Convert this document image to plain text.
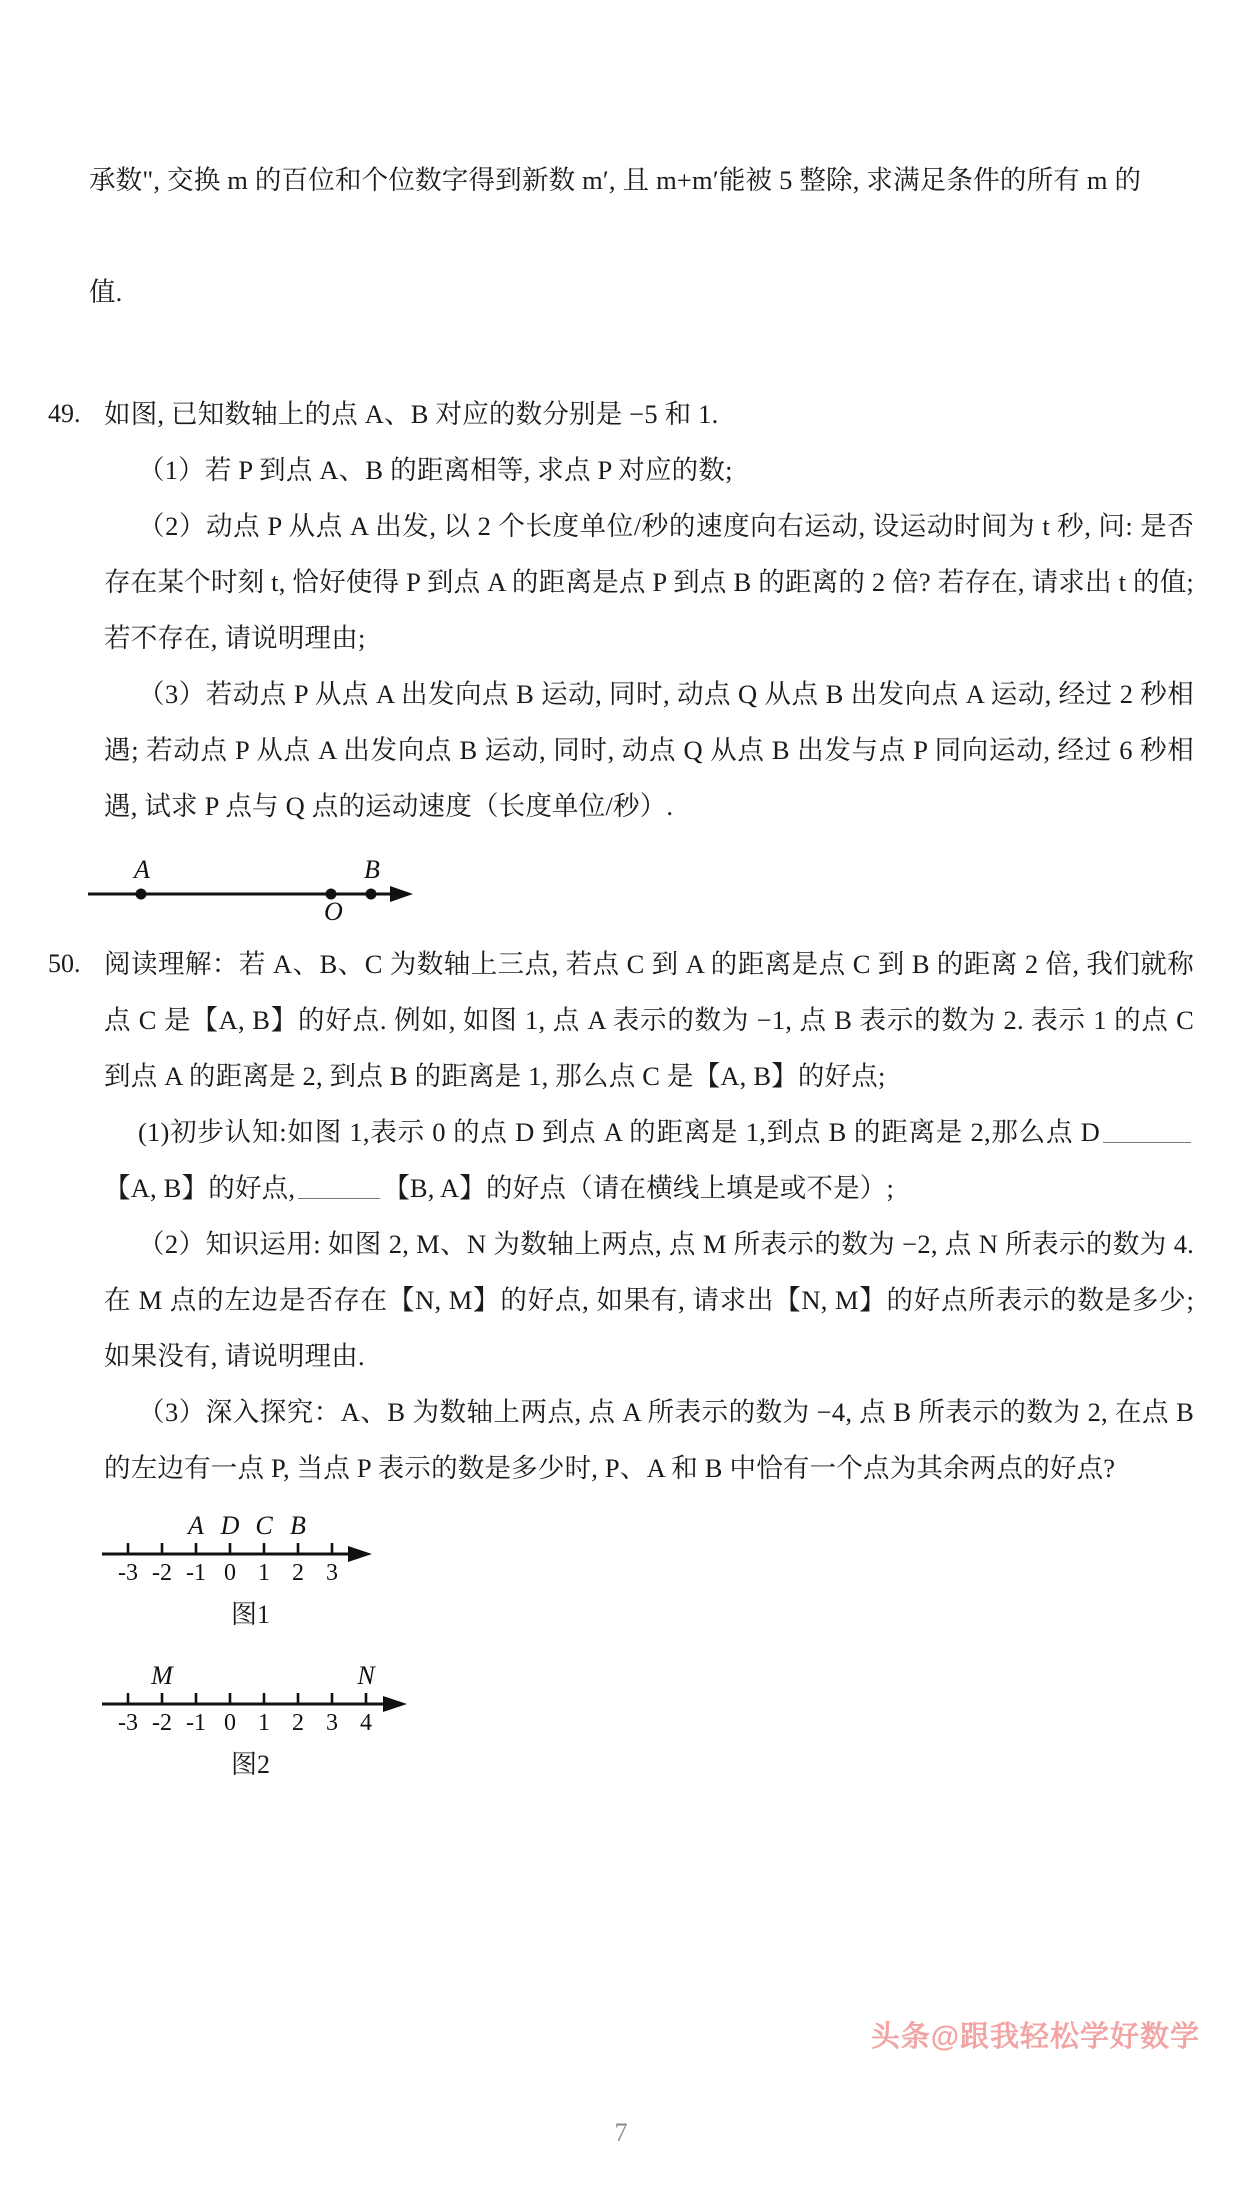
承数", 交换 m 的百位和个位数字得到新数 m′, 且 m+m′能被 5 整除, 求满足条件的所有 m 的

值.

49. 如图, 已知数轴上的点 A、B 对应的数分别是 −5 和 1.
（1）若 P 到点 A、B 的距离相等, 求点 P 对应的数;
（2）动点 P 从点 A 出发, 以 2 个长度单位/秒的速度向右运动, 设运动时间为 t 秒, 问: 是否存在某个时刻 t, 恰好使得 P 到点 A 的距离是点 P 到点 B 的距离的 2 倍? 若存在, 请求出 t 的值; 若不存在, 请说明理由;
（3）若动点 P 从点 A 出发向点 B 运动, 同时, 动点 Q 从点 B 出发向点 A 运动, 经过 2 秒相遇; 若动点 P 从点 A 出发向点 B 运动, 同时, 动点 Q 从点 B 出发与点 P 同向运动, 经过 6 秒相遇, 试求 P 点与 Q 点的运动速度（长度单位/秒）.
A
O
B
50. 阅读理解：若 A、B、C 为数轴上三点, 若点 C 到 A 的距离是点 C 到 B 的距离 2 倍, 我们就称点 C 是【A, B】的好点. 例如, 如图 1, 点 A 表示的数为 −1, 点 B 表示的数为 2. 表示 1 的点 C 到点 A 的距离是 2, 到点 B 的距离是 1, 那么点 C 是【A, B】的好点;
(1)初步认知:如图 1,表示 0 的点 D 到点 A 的距离是 1,到点 B 的距离是 2,那么点 D【A, B】的好点,	【B, A】的好点（请在横线上填是或不是）;
（2）知识运用: 如图 2, M、N 为数轴上两点, 点 M 所表示的数为 −2, 点 N 所表示的数为 4. 在 M 点的左边是否存在【N, M】的好点, 如果有, 请求出【N, M】的好点所表示的数是多少; 如果没有, 请说明理由.
（3）深入探究：A、B 为数轴上两点, 点 A 所表示的数为 −4, 点 B 所表示的数为 2, 在点 B 的左边有一点 P, 当点 P 表示的数是多少时, P、A 和 B 中恰有一个点为其余两点的好点?
-3 -2 -1 0 1 2 3
A D C B
图1
-3 -2 -1 0 1 2 3 4
M	N
图2
头条@跟我轻松学好数学
7
